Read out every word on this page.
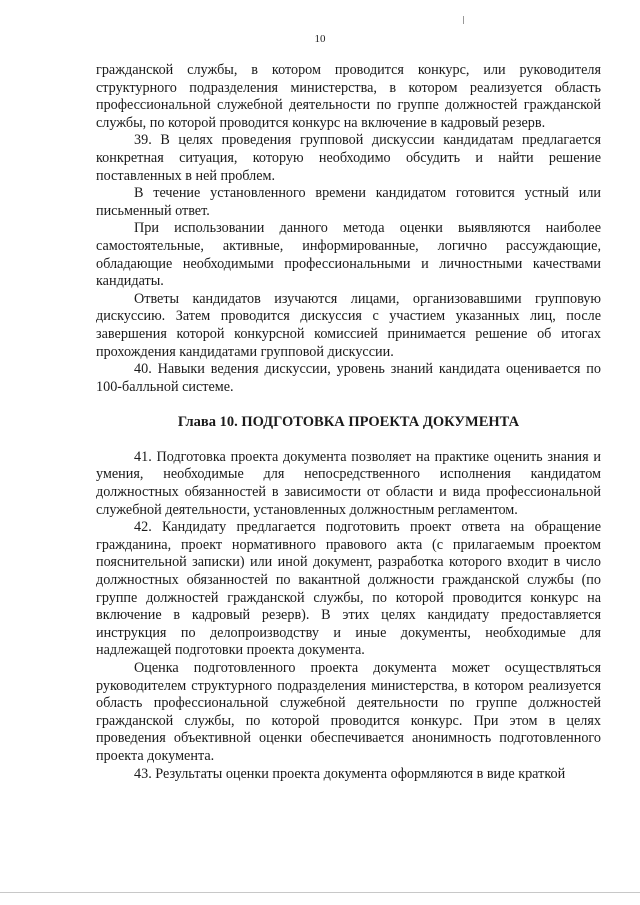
10

гражданской службы, в котором проводится конкурс, или руководителя структурного подразделения министерства, в котором реализуется область профессиональной служебной деятельности по группе должностей гражданской службы, по которой проводится конкурс на включение в кадровый резерв.

39. В целях проведения групповой дискуссии кандидатам предлагается конкретная ситуация, которую необходимо обсудить и найти решение поставленных в ней проблем.

В течение установленного времени кандидатом готовится устный или письменный ответ.

При использовании данного метода оценки выявляются наиболее самостоятельные, активные, информированные, логично рассуждающие, обладающие необходимыми профессиональными и личностными качествами кандидаты.

Ответы кандидатов изучаются лицами, организовавшими групповую дискуссию. Затем проводится дискуссия с участием указанных лиц, после завершения которой конкурсной комиссией принимается решение об итогах прохождения кандидатами групповой дискуссии.

40. Навыки ведения дискуссии, уровень знаний кандидата оценивается по 100-балльной системе.

Глава 10. ПОДГОТОВКА ПРОЕКТА ДОКУМЕНТА

41. Подготовка проекта документа позволяет на практике оценить знания и умения, необходимые для непосредственного исполнения кандидатом должностных обязанностей в зависимости от области и вида профессиональной служебной деятельности, установленных должностным регламентом.

42. Кандидату предлагается подготовить проект ответа на обращение гражданина, проект нормативного правового акта (с прилагаемым проектом пояснительной записки) или иной документ, разработка которого входит в число должностных обязанностей по вакантной должности гражданской службы (по группе должностей гражданской службы, по которой проводится конкурс на включение в кадровый резерв). В этих целях кандидату предоставляется инструкция по делопроизводству и иные документы, необходимые для надлежащей подготовки проекта документа.

Оценка подготовленного проекта документа может осуществляться руководителем структурного подразделения министерства, в котором реализуется область профессиональной служебной деятельности по группе должностей гражданской службы, по которой проводится конкурс. При этом в целях проведения объективной оценки обеспечивается анонимность подготовленного проекта документа.

43. Результаты оценки проекта документа оформляются в виде краткой
